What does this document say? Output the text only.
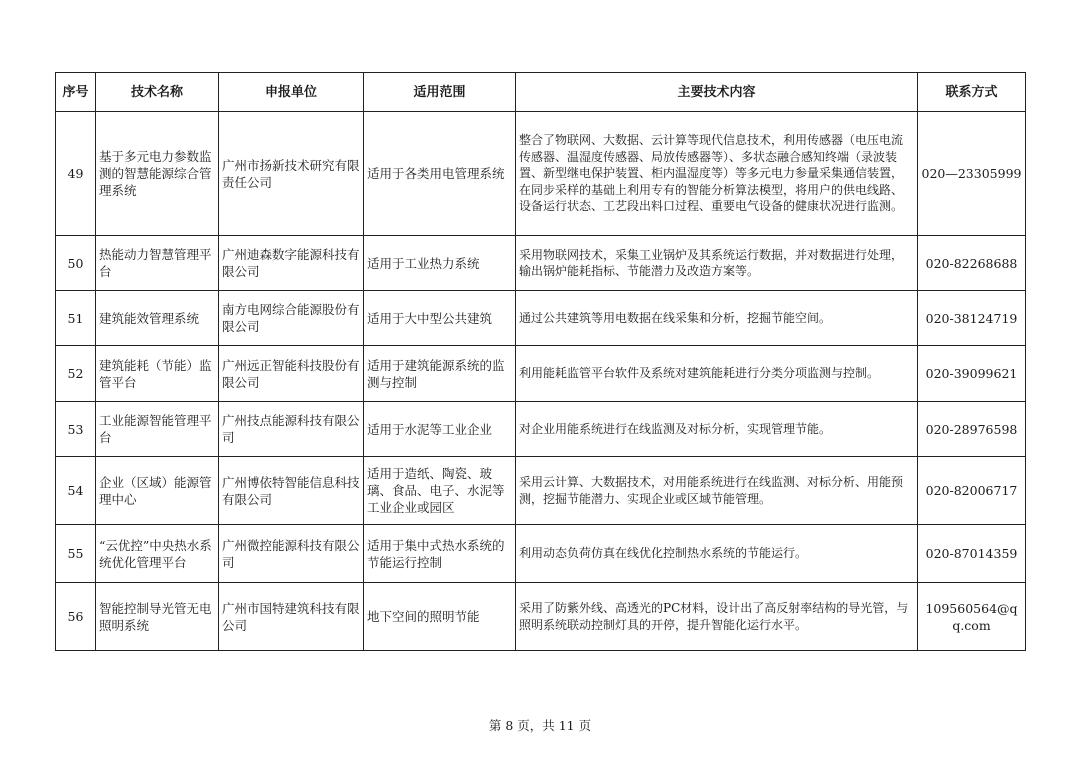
序号	技术名称	申报单位	适用范围	主要技术内容	联系方式
49	基于多元电力参数监测的智慧能源综合管理系统	广州市扬新技术研究有限责任公司	适用于各类用电管理系统	整合了物联网、大数据、云计算等现代信息技术，利用传感器（电压电流传感器、温湿度传感器、局放传感器等）、多状态融合感知终端（录波装置、新型继电保护装置、柜内温湿度等）等多元电力参量采集通信装置，在同步采样的基础上利用专有的智能分析算法模型，将用户的供电线路、设备运行状态、工艺段出料口过程、重要电气设备的健康状况进行监测。	020—23305999
50	热能动力智慧管理平台	广州迪森数字能源科技有限公司	适用于工业热力系统	采用物联网技术，采集工业锅炉及其系统运行数据，并对数据进行处理，输出锅炉能耗指标、节能潜力及改造方案等。	020-82268688
51	建筑能效管理系统	南方电网综合能源股份有限公司	适用于大中型公共建筑	通过公共建筑等用电数据在线采集和分析，挖掘节能空间。	020-38124719
52	建筑能耗（节能）监管平台	广州远正智能科技股份有限公司	适用于建筑能源系统的监测与控制	利用能耗监管平台软件及系统对建筑能耗进行分类分项监测与控制。	020-39099621
53	工业能源智能管理平台	广州技点能源科技有限公司	适用于水泥等工业企业	对企业用能系统进行在线监测及对标分析，实现管理节能。	020-28976598
54	企业（区域）能源管理中心	广州博依特智能信息科技有限公司	适用于造纸、陶瓷、玻璃、食品、电子、水泥等工业企业或园区	采用云计算、大数据技术，对用能系统进行在线监测、对标分析、用能预测，挖掘节能潜力、实现企业或区域节能管理。	020-82006717
55	“云优控”中央热水系统优化管理平台	广州微控能源科技有限公司	适用于集中式热水系统的节能运行控制	利用动态负荷仿真在线优化控制热水系统的节能运行。	020-87014359
56	智能控制导光管无电照明系统	广州市国特建筑科技有限公司	地下空间的照明节能	采用了防紫外线、高透光的PC材料，设计出了高反射率结构的导光管，与照明系统联动控制灯具的开停，提升智能化运行水平。	109560564@qq.com
第 8 页，共 11 页
